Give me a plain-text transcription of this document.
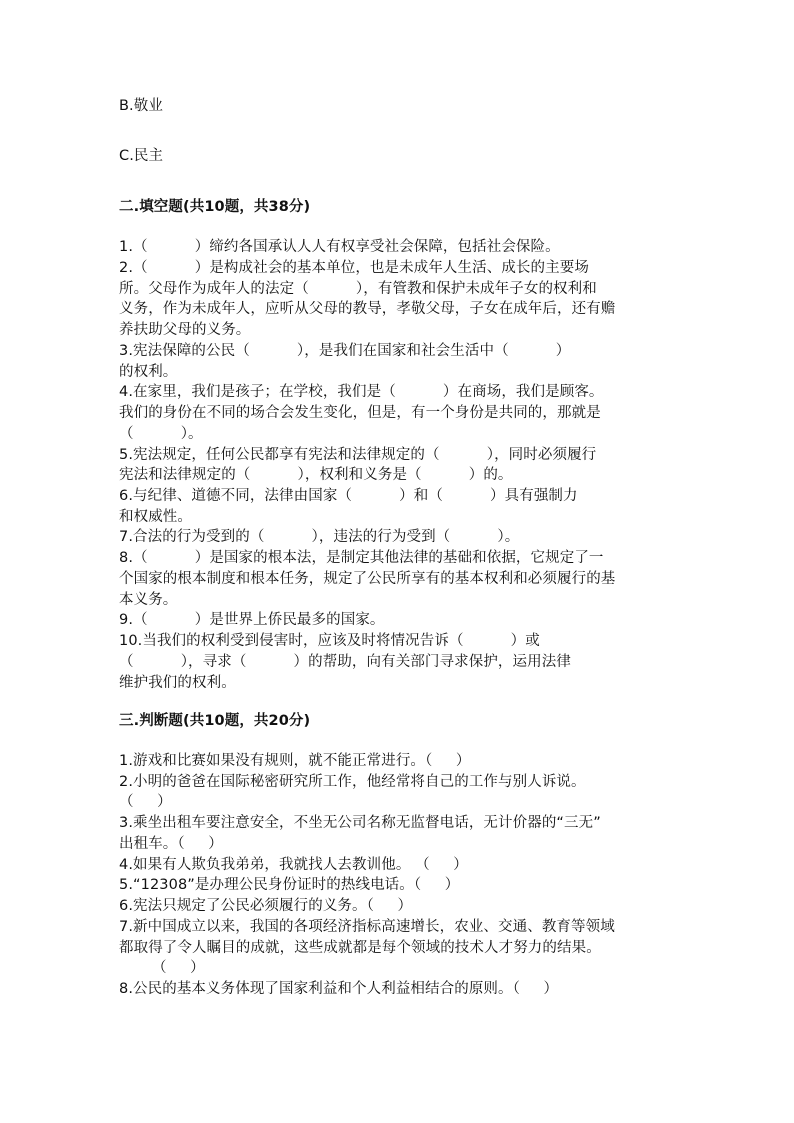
B.敬业
C.民主
二.填空题(共10题，共38分)
1.（          ）缔约各国承认人人有权享受社会保障，包括社会保险。
2.（          ）是构成社会的基本单位，也是未成年人生活、成长的主要场
所。父母作为成年人的法定（          ），有管教和保护未成年子女的权利和
义务，作为未成年人，应听从父母的教导，孝敬父母，子女在成年后，还有赡
养扶助父母的义务。
3.宪法保障的公民（          ），是我们在国家和社会生活中（          ）
的权利。
4.在家里，我们是孩子；在学校，我们是（          ）在商场，我们是顾客。
我们的身份在不同的场合会发生变化，但是，有一个身份是共同的，那就是
（          ）。
5.宪法规定，任何公民都享有宪法和法律规定的（          ），同时必须履行
宪法和法律规定的（          ），权利和义务是（          ）的。
6.与纪律、道德不同，法律由国家（          ）和（          ）具有强制力
和权威性。
7.合法的行为受到的（          ），违法的行为受到（          ）。
8.（          ）是国家的根本法，是制定其他法律的基础和依据，它规定了一
个国家的根本制度和根本任务，规定了公民所享有的基本权利和必须履行的基
本义务。
9.（          ）是世界上侨民最多的国家。
10.当我们的权利受到侵害时，应该及时将情况告诉（          ）或
（          ），寻求（          ）的帮助，向有关部门寻求保护，运用法律
维护我们的权利。
三.判断题(共10题，共20分)
1.游戏和比赛如果没有规则，就不能正常进行。（     ）
2.小明的爸爸在国际秘密研究所工作，他经常将自己的工作与别人诉说。
（     ）
3.乘坐出租车要注意安全，不坐无公司名称无监督电话，无计价器的“三无”
出租车。（     ）
4.如果有人欺负我弟弟，我就找人去教训他。 （     ）
5.“12308”是办理公民身份证时的热线电话。（     ）
6.宪法只规定了公民必须履行的义务。（     ）
7.新中国成立以来，我国的各项经济指标高速增长，农业、交通、教育等领域
都取得了令人瞩目的成就，这些成就都是每个领域的技术人才努力的结果。
（     ）
8.公民的基本义务体现了国家利益和个人利益相结合的原则。（     ）
